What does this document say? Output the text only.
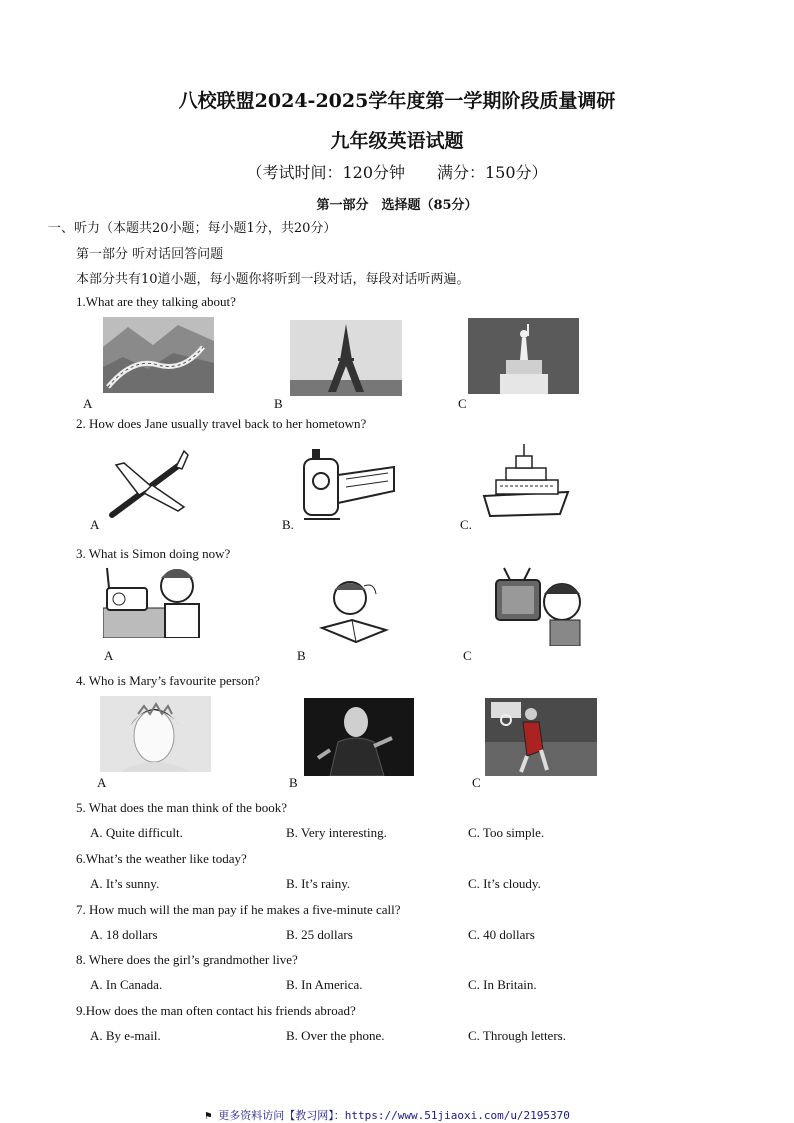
八校联盟2024-2025学年度第一学期阶段质量调研
九年级英语试题
（考试时间：120分钟　　满分：150分）
第一部分　选择题（85分）
一、听力（本题共20小题；每小题1分，共20分）
第一部分 听对话回答问题
本部分共有10道小题，每小题你将听到一段对话，每段对话听两遍。
1.What are they talking about?
A	B	C
2. How does Jane usually travel back to her hometown?
A	B.	C.
3. What is Simon doing now?
A	B	C
4. Who is Mary’s favourite person?
A	B	C
5. What does the man think of the book?
A. Quite difficult.	B. Very interesting.	C. Too simple.
6.What’s the weather like today?
A. It’s sunny.	B. It’s rainy.	C. It’s cloudy.
7. How much will the man pay if he makes a five-minute call?
A. 18 dollars	B. 25 dollars	C. 40 dollars
8. Where does the girl’s grandmother live?
A. In Canada.	B. In America.	C. In Britain.
9.How does the man often contact his friends abroad?
A. By e-mail.	B. Over the phone.	C. Through letters.
⚑ 更多资料访问【教习网】：https://www.51jiaoxi.com/u/2195370
